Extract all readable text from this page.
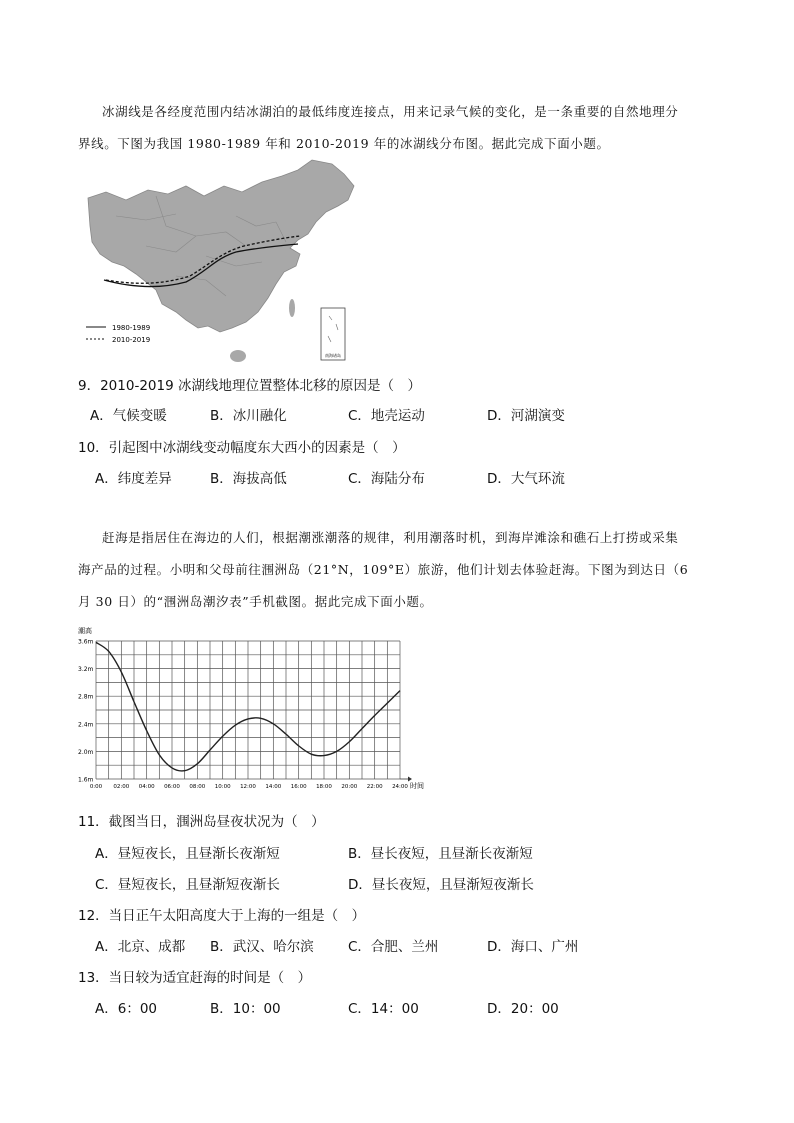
冰湖线是各经度范围内结冰湖泊的最低纬度连接点，用来记录气候的变化，是一条重要的自然地理分
界线。下图为我国 1980-1989 年和 2010-2019 年的冰湖线分布图。据此完成下面小题。
1980-1989
2010-2019
南海诸岛
9．2010-2019 冰湖线地理位置整体北移的原因是（　）
A．气候变暖	B．冰川融化	C．地壳运动	D．河湖演变
10．引起图中冰湖线变动幅度东大西小的因素是（　）
A．纬度差异	B．海拔高低	C．海陆分布	D．大气环流
赶海是指居住在海边的人们，根据潮涨潮落的规律，利用潮落时机，到海岸滩涂和礁石上打捞或采集
海产品的过程。小明和父母前往涠洲岛（21°N，109°E）旅游，他们计划去体验赶海。下图为到达日（6
月 30 日）的“涠洲岛潮汐表”手机截图。据此完成下面小题。
潮高
1.6m
2.0m
2.4m
2.8m
3.2m
3.6m
0:00 02:00 04:00 06:00 08:00 10:00 12:00 14:00 16:00 18:00 20:00 22:00 24:00 时间
11．截图当日，涠洲岛昼夜状况为（　）
A．昼短夜长，且昼渐长夜渐短	B．昼长夜短，且昼渐长夜渐短
C．昼短夜长，且昼渐短夜渐长	D．昼长夜短，且昼渐短夜渐长
12．当日正午太阳高度大于上海的一组是（　）
A．北京、成都 B．武汉、哈尔滨	C．合肥、兰州	D．海口、广州
13．当日较为适宜赶海的时间是（　）
A．6：00	B．10：00	C．14：00	D．20：00
